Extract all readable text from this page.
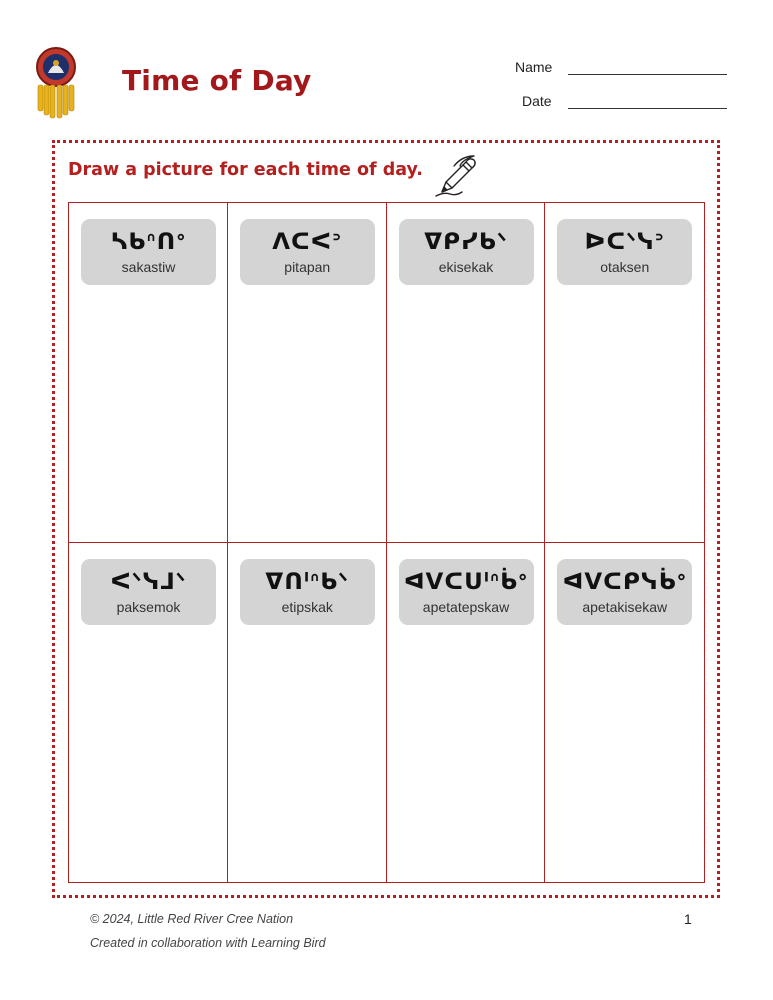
Time of Day	Name
Date
Draw a picture for each time of day.
ᓴᑲᐢᑎᐤ
sakastiw
ᐱᑕᐸᐣ
pitapan
ᐁᑭᓯᑲᐠ
ekisekak
ᐅᑕᐠᓭᐣ
otaksen
ᐸᐠᓭᒧᐠ
paksemok
ᐁᑎᑊᐢᑲᐠ
etipskak
ᐊᐯᑕᑌᑊᐢᑳᐤ
apetatepskaw
ᐊᐯᑕᑭᓭᑳᐤ
apetakisekaw
© 2024, Little Red River Cree Nation
Created in collaboration with Learning Bird
1
